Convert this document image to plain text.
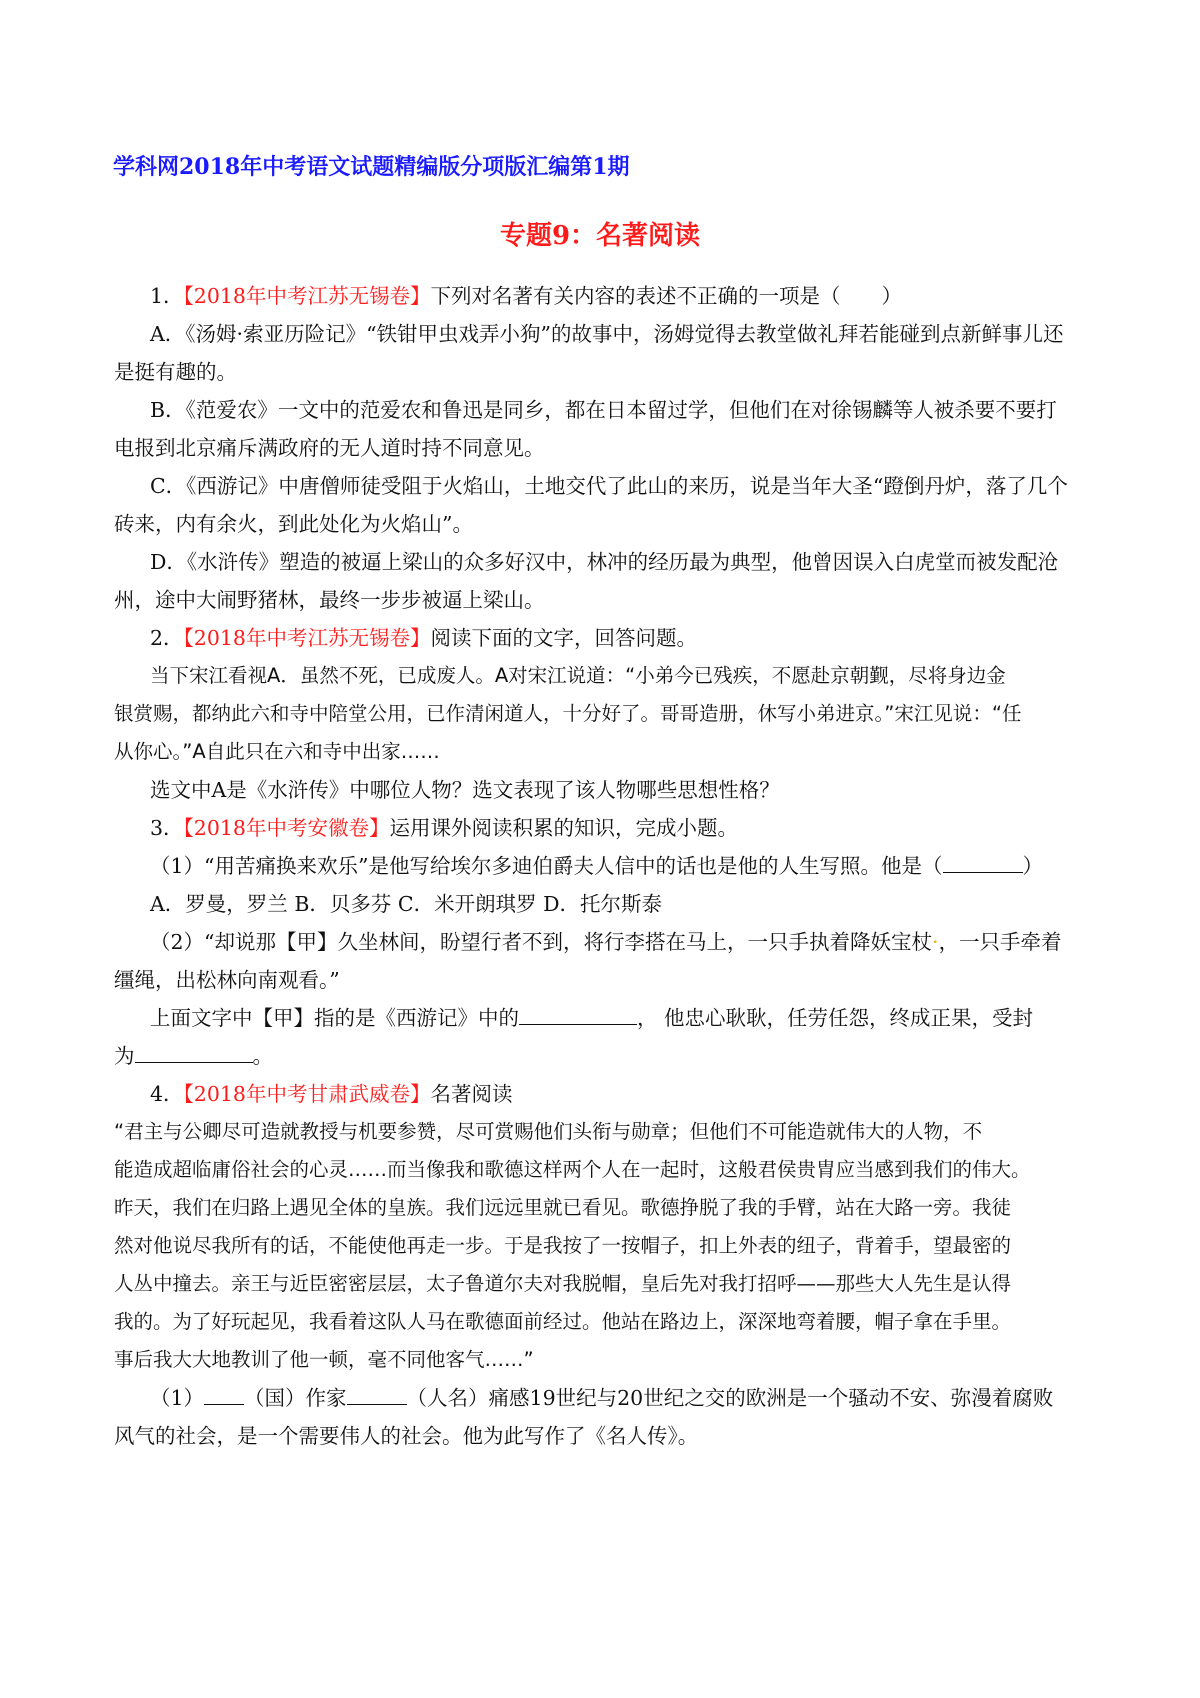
学科网2018年中考语文试题精编版分项版汇编第1期
专题9：名著阅读
1．【2018年中考江苏无锡卷】下列对名著有关内容的表述不正确的一项是（　　）
A．《汤姆·索亚历险记》“铁钳甲虫戏弄小狗”的故事中，汤姆觉得去教堂做礼拜若能碰到点新鲜事儿还
是挺有趣的。
B．《范爱农》一文中的范爱农和鲁迅是同乡，都在日本留过学，但他们在对徐锡麟等人被杀要不要打
电报到北京痛斥满政府的无人道时持不同意见。
C．《西游记》中唐僧师徒受阻于火焰山，土地交代了此山的来历，说是当年大圣“蹬倒丹炉，落了几个
砖来，内有余火，到此处化为火焰山”。
D．《水浒传》塑造的被逼上梁山的众多好汉中，林冲的经历最为典型，他曾因误入白虎堂而被发配沧
州，途中大闹野猪林，最终一步步被逼上梁山。
2．【2018年中考江苏无锡卷】阅读下面的文字，回答问题。
当下宋江看视A．虽然不死，已成废人。A对宋江说道：“小弟今已残疾，不愿赴京朝觐，尽将身边金
银赏赐，都纳此六和寺中陪堂公用，已作清闲道人，十分好了。哥哥造册，休写小弟进京。”宋江见说：“任
从你心。”A自此只在六和寺中出家……
选文中A是《水浒传》中哪位人物？选文表现了该人物哪些思想性格？
3．【2018年中考安徽卷】运用课外阅读积累的知识，完成小题。
（1）“用苦痛换来欢乐”是他写给埃尔多迪伯爵夫人信中的话也是他的人生写照。他是（	）
A．罗曼，罗兰 B．贝多芬 C．米开朗琪罗 D．托尔斯泰
（2）“却说那【甲】久坐林间，盼望行者不到，将行李搭在马上，一只手执着降妖宝杖·，一只手牵着
缰绳，出松林向南观看。”
上面文字中【甲】指的是《西游记》中的	， 他忠心耿耿，任劳任怨，终成正果，受封
为	。
4．【2018年中考甘肃武威卷】名著阅读
“君主与公卿尽可造就教授与机要参赞，尽可赏赐他们头衔与勋章；但他们不可能造就伟大的人物，不
能造成超临庸俗社会的心灵……而当像我和歌德这样两个人在一起时，这般君侯贵胄应当感到我们的伟大。
昨天，我们在归路上遇见全体的皇族。我们远远里就已看见。歌德挣脱了我的手臂，站在大路一旁。我徒
然对他说尽我所有的话，不能使他再走一步。于是我按了一按帽子，扣上外表的纽子，背着手，望最密的
人丛中撞去。亲王与近臣密密层层，太子鲁道尔夫对我脱帽，皇后先对我打招呼——那些大人先生是认得
我的。为了好玩起见，我看着这队人马在歌德面前经过。他站在路边上，深深地弯着腰，帽子拿在手里。
事后我大大地教训了他一顿，毫不同他客气……”
（1） （国）作家	（人名）痛感19世纪与20世纪之交的欧洲是一个骚动不安、弥漫着腐败
风气的社会，是一个需要伟人的社会。他为此写作了《名人传》。
